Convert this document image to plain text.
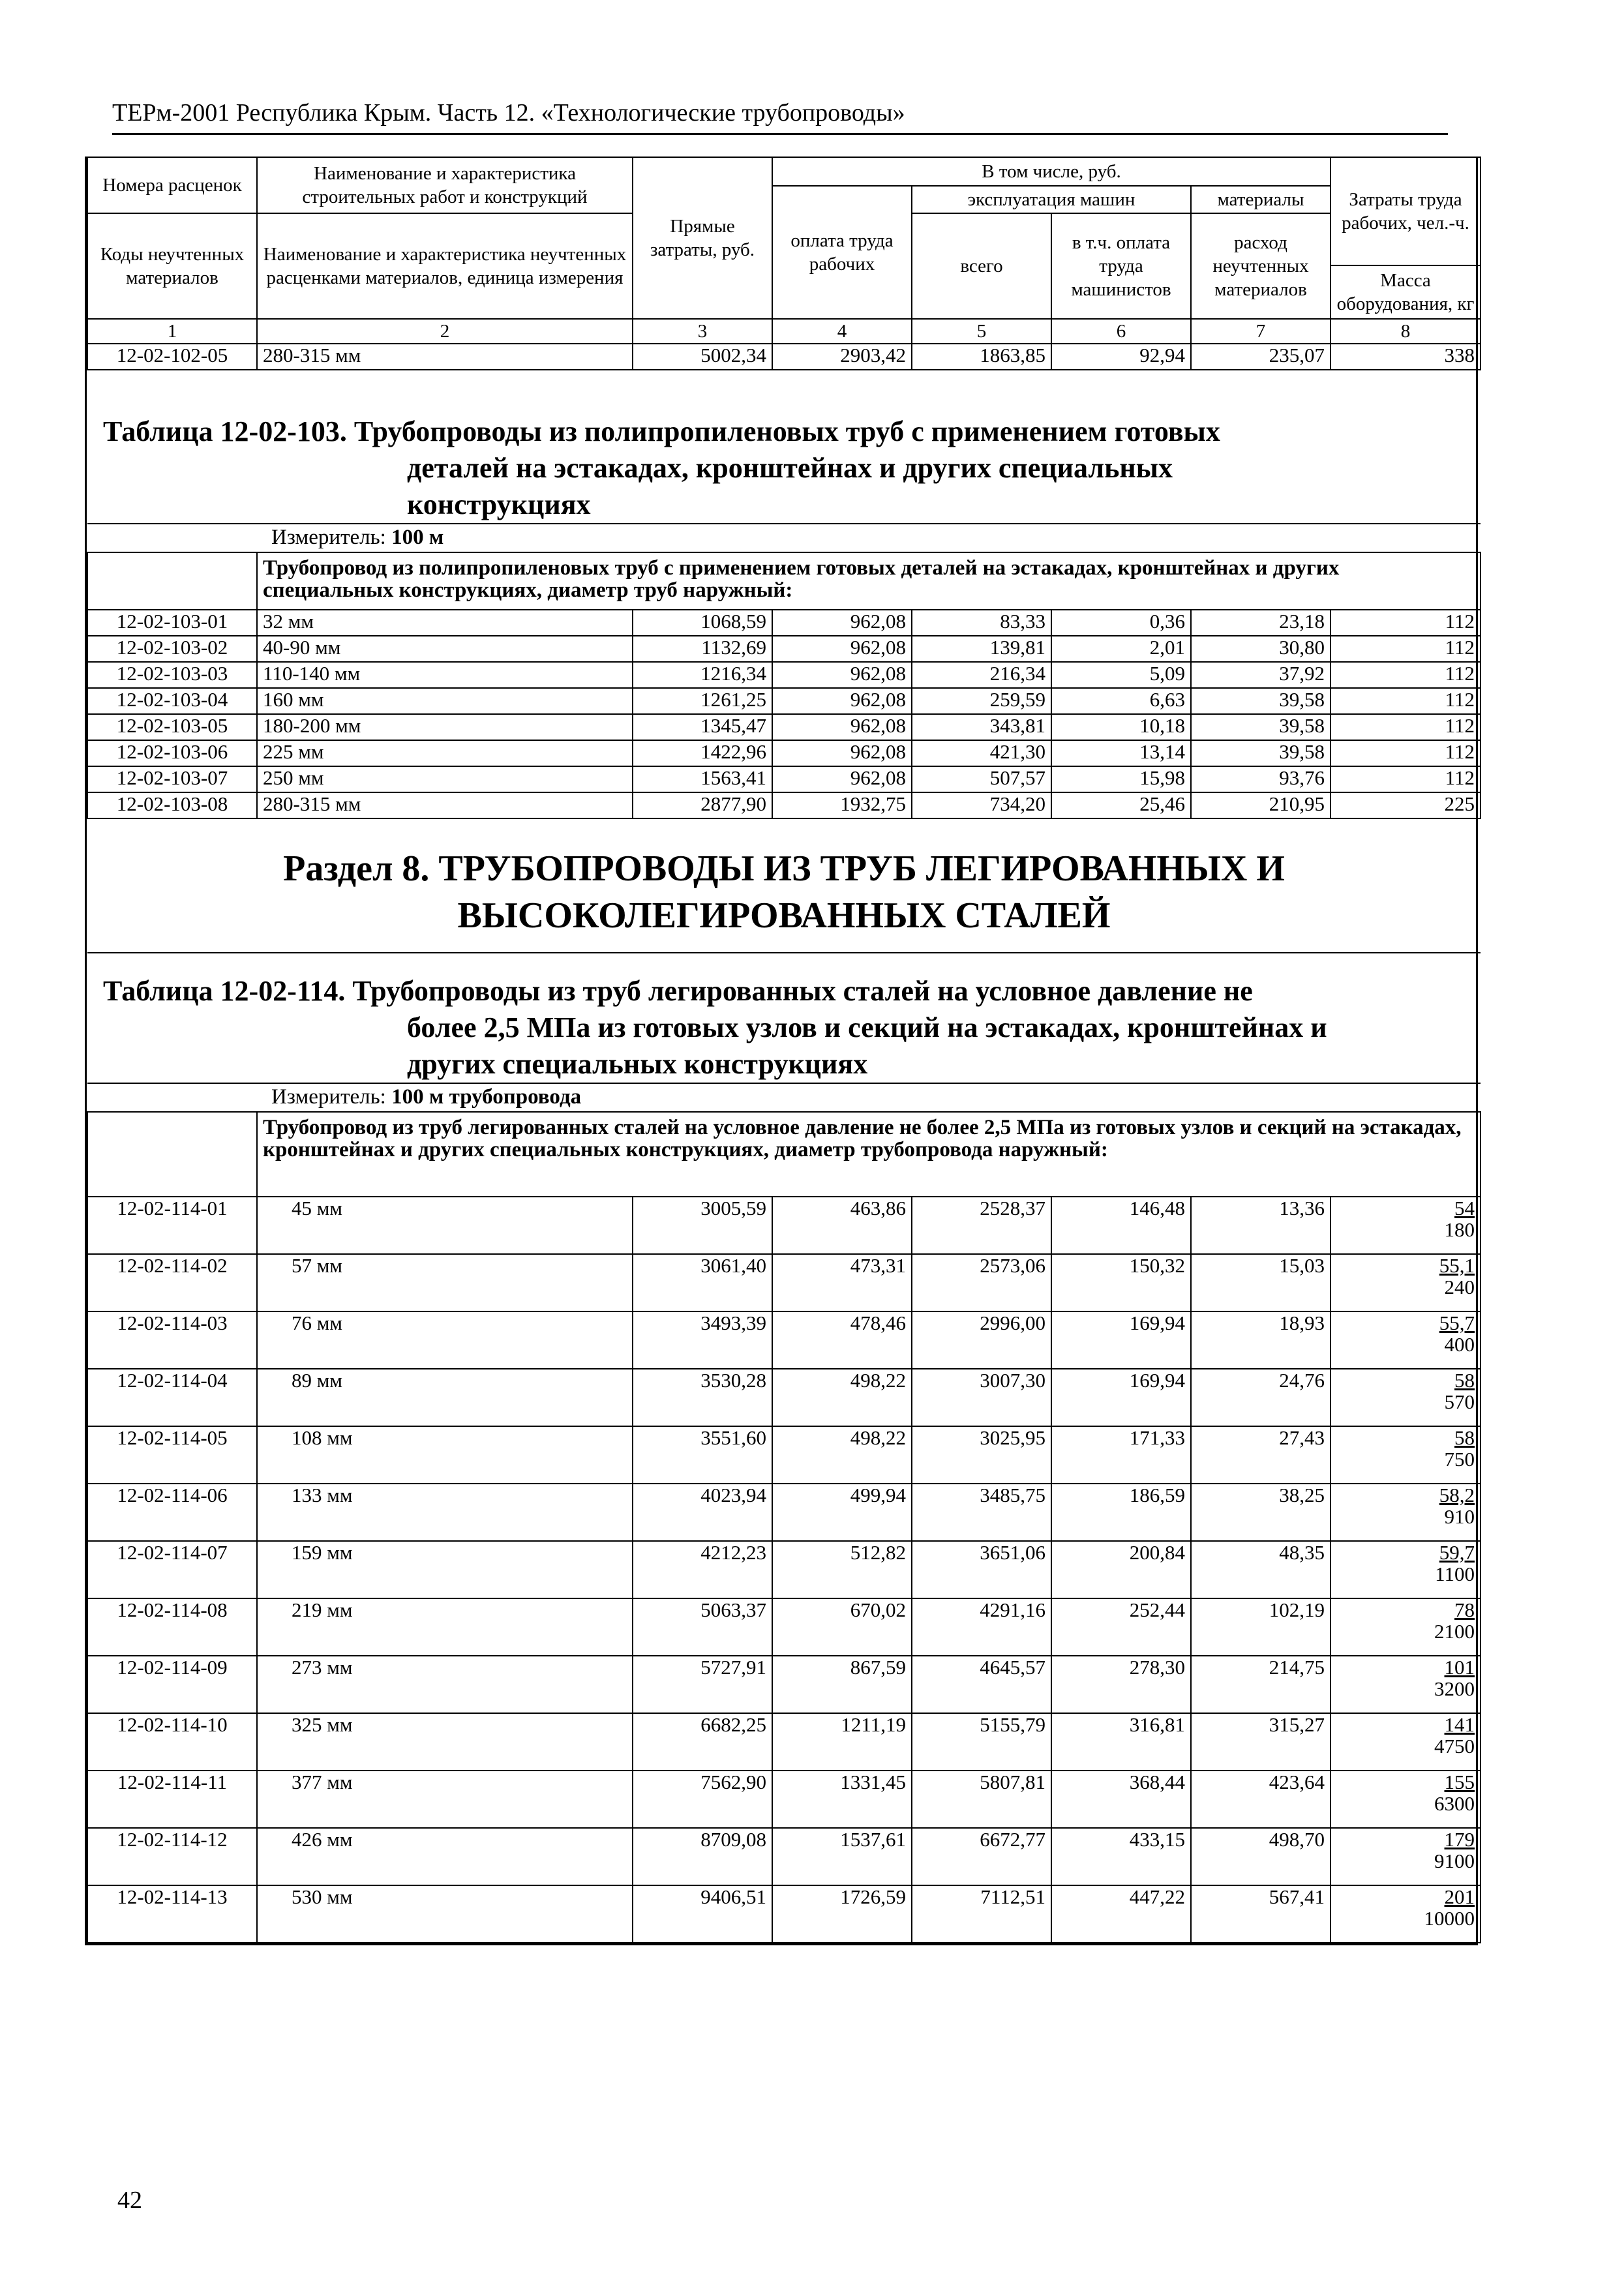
ТЕРм-2001 Республика Крым. Часть 12. «Технологические трубопроводы»
Номера расценок	Наименование и характеристика строительных работ и конструкций	Прямые затраты, руб.	В том числе, руб.				Затраты труда рабочих, чел.-ч.
			оплата труда рабочих	эксплуатация машин		материалы	
Коды неучтенных материалов	Наименование и характеристика неучтенных расценками материалов, единица измерения			всего	в т.ч. оплата труда машинистов	расход неучтенных материалов	
							Масса оборудования, кг
1	2	3	4	5	6	7	8
12-02-102-05	280-315 мм	5002,34	2903,42	1863,85	92,94	235,07	338

Таблица 12-02-103. Трубопроводы из полипропиленовых труб с применением готовых
деталей на эстакадах, кронштейнах и других специальных
конструкциях							

Измеритель: 100 м							
	Трубопровод из полипропиленовых труб с применением готовых деталей на эстакадах, кронштейнах и других специальных конструкциях, диаметр труб наружный:						
12-02-103-01	32 мм	1068,59	962,08	83,33	0,36	23,18	112
12-02-103-02	40-90 мм	1132,69	962,08	139,81	2,01	30,80	112
12-02-103-03	110-140 мм	1216,34	962,08	216,34	5,09	37,92	112
12-02-103-04	160 мм	1261,25	962,08	259,59	6,63	39,58	112
12-02-103-05	180-200 мм	1345,47	962,08	343,81	10,18	39,58	112
12-02-103-06	225 мм	1422,96	962,08	421,30	13,14	39,58	112
12-02-103-07	250 мм	1563,41	962,08	507,57	15,98	93,76	112
12-02-103-08	280-315 мм	2877,90	1932,75	734,20	25,46	210,95	225

Раздел 8. ТРУБОПРОВОДЫ ИЗ ТРУБ ЛЕГИРОВАННЫХ И
ВЫСОКОЛЕГИРОВАННЫХ СТАЛЕЙ							

Таблица 12-02-114. Трубопроводы из труб легированных сталей на условное давление не
более 2,5 МПа из готовых узлов и секций на эстакадах, кронштейнах и
других специальных конструкциях							

Измеритель: 100 м трубопровода							
	Трубопровод из труб легированных сталей на условное давление не более 2,5 МПа из готовых узлов и секций на эстакадах, кронштейнах и других специальных конструкциях, диаметр трубопровода наружный:						
12-02-114-01	45 мм	3005,59	463,86	2528,37	146,48	13,36	54
180

12-02-114-02	57 мм	3061,40	473,31	2573,06	150,32	15,03	55,1
240

12-02-114-03	76 мм	3493,39	478,46	2996,00	169,94	18,93	55,7
400

12-02-114-04	89 мм	3530,28	498,22	3007,30	169,94	24,76	58
570

12-02-114-05	108 мм	3551,60	498,22	3025,95	171,33	27,43	58
750

12-02-114-06	133 мм	4023,94	499,94	3485,75	186,59	38,25	58,2
910

12-02-114-07	159 мм	4212,23	512,82	3651,06	200,84	48,35	59,7
1100

12-02-114-08	219 мм	5063,37	670,02	4291,16	252,44	102,19	78
2100

12-02-114-09	273 мм	5727,91	867,59	4645,57	278,30	214,75	101
3200

12-02-114-10	325 мм	6682,25	1211,19	5155,79	316,81	315,27	141
4750

12-02-114-11	377 мм	7562,90	1331,45	5807,81	368,44	423,64	155
6300

12-02-114-12	426 мм	8709,08	1537,61	6672,77	433,15	498,70	179
9100

12-02-114-13	530 мм	9406,51	1726,59	7112,51	447,22	567,41	201
10000
42
